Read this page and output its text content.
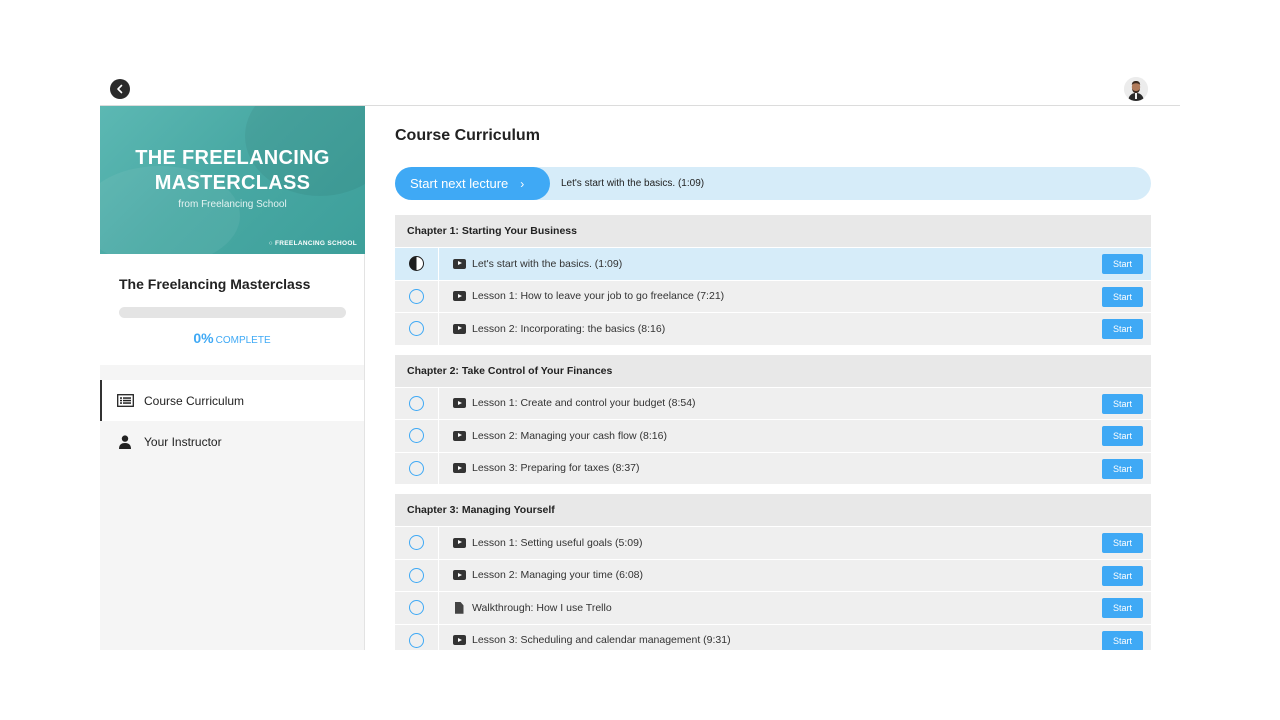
THE FREELANCING
MASTERCLASS
from Freelancing School
○ FREELANCING SCHOOL
The Freelancing Masterclass
0% COMPLETE
Course Curriculum
Your Instructor
Course Curriculum
Start next lecture ›	Let's start with the basics. (1:09)
Chapter 1: Starting Your Business
Let's start with the basics. (1:09)	Start
Lesson 1: How to leave your job to go freelance (7:21)	Start
Lesson 2: Incorporating: the basics (8:16)	Start
Chapter 2: Take Control of Your Finances
Lesson 1: Create and control your budget (8:54)	Start
Lesson 2: Managing your cash flow (8:16)	Start
Lesson 3: Preparing for taxes (8:37)	Start
Chapter 3: Managing Yourself
Lesson 1: Setting useful goals (5:09)	Start
Lesson 2: Managing your time (6:08)	Start
Walkthrough: How I use Trello	Start
Lesson 3: Scheduling and calendar management (9:31)	Start
